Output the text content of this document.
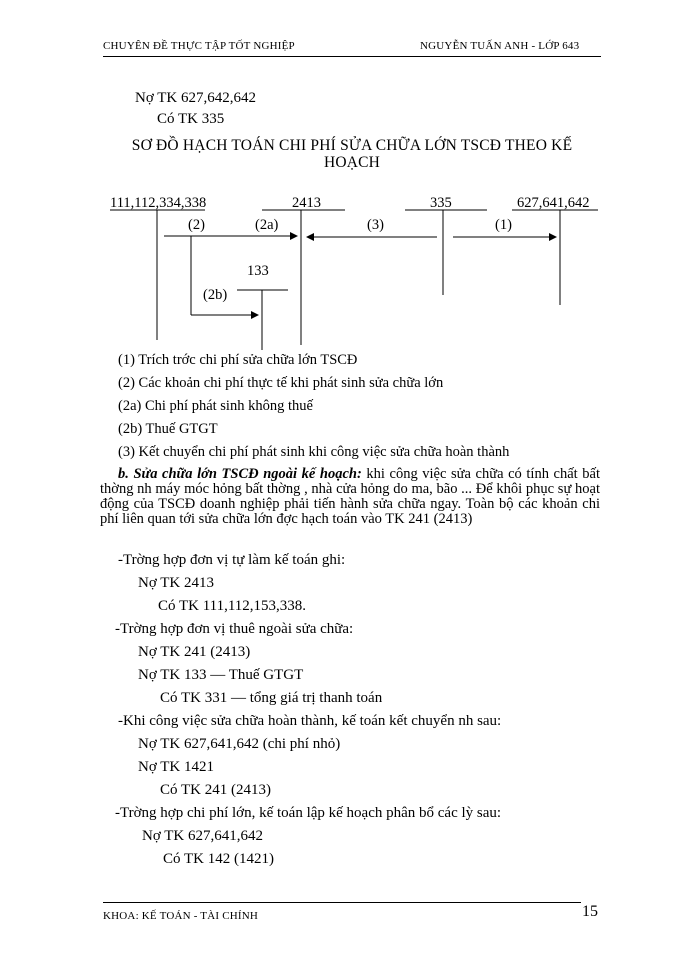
CHUYÊN ĐỀ THỰC TẬP TỐT NGHIỆP	NGUYỄN TUẤN ANH - LỚP 643
Nợ TK 627,642,642
Có TK 335
SƠ ĐỒ HẠCH TOÁN CHI PHÍ SỬA CHỮA LỚN TSCĐ THEO KẾ HOẠCH
111,112,334,338	2413	335	627,641,642
133
(2)	(2a)	(3)	(1)
(2b)
(1) Trích trớc chi phí sửa chữa lớn TSCĐ
(2) Các khoản chi phí thực tế khi phát sinh sửa chữa lớn
(2a) Chi phí phát sinh không thuế
(2b) Thuế GTGT
(3) Kết chuyển chi phí phát sinh khi công việc sửa chữa hoàn thành
b. Sửa chữa lớn TSCĐ ngoài kế hoạch: khi công việc sửa chữa có tính chất bất thờng nh máy móc hỏng bất thờng , nhà cửa hỏng do ma, bão ... Để khôi phục sự hoạt động của TSCĐ doanh nghiệp phải tiến hành sửa chữa ngay. Toàn bộ các khoản chi phí liên quan tới sửa chữa lớn đợc hạch toán vào TK 241 (2413)
-Trờng hợp đơn vị tự làm kế toán ghi:
Nợ TK 2413
Có TK 111,112,153,338.
-Trờng hợp đơn vị thuê ngoài sửa chữa:
Nợ TK 241 (2413)
Nợ TK 133 — Thuế GTGT
Có TK 331 — tổng giá trị thanh toán
-Khi công việc sửa chữa hoàn thành, kế toán kết chuyển nh sau:
Nợ TK 627,641,642 (chi phí nhỏ)
Nợ TK 1421
Có TK 241 (2413)
-Trờng hợp chi phí lớn, kế toán lập kế hoạch phân bổ các lỳ sau:
Nợ TK 627,641,642
Có TK 142 (1421)
KHOA: KẾ TOÁN - TÀI CHÍNH	15
